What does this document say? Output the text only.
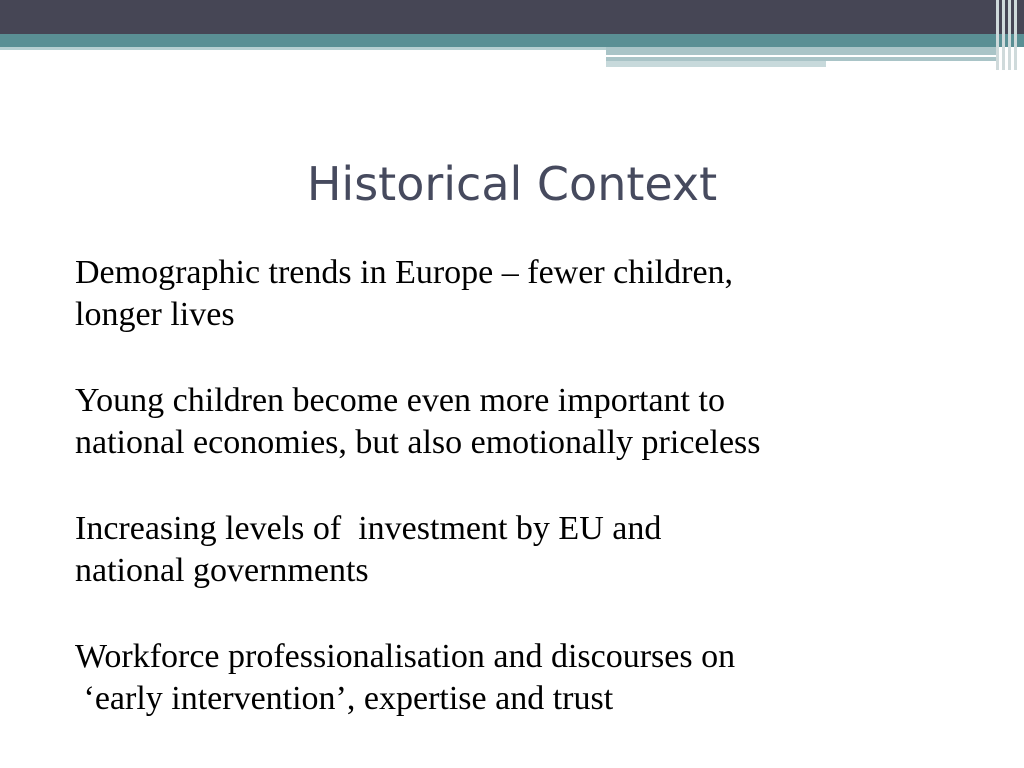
Historical Context
Demographic trends in Europe – fewer children,
longer lives
Young children become even more important to
national economies, but also emotionally priceless
Increasing levels of  investment by EU and
national governments
Workforce professionalisation and discourses on
‘early intervention’, expertise and trust
